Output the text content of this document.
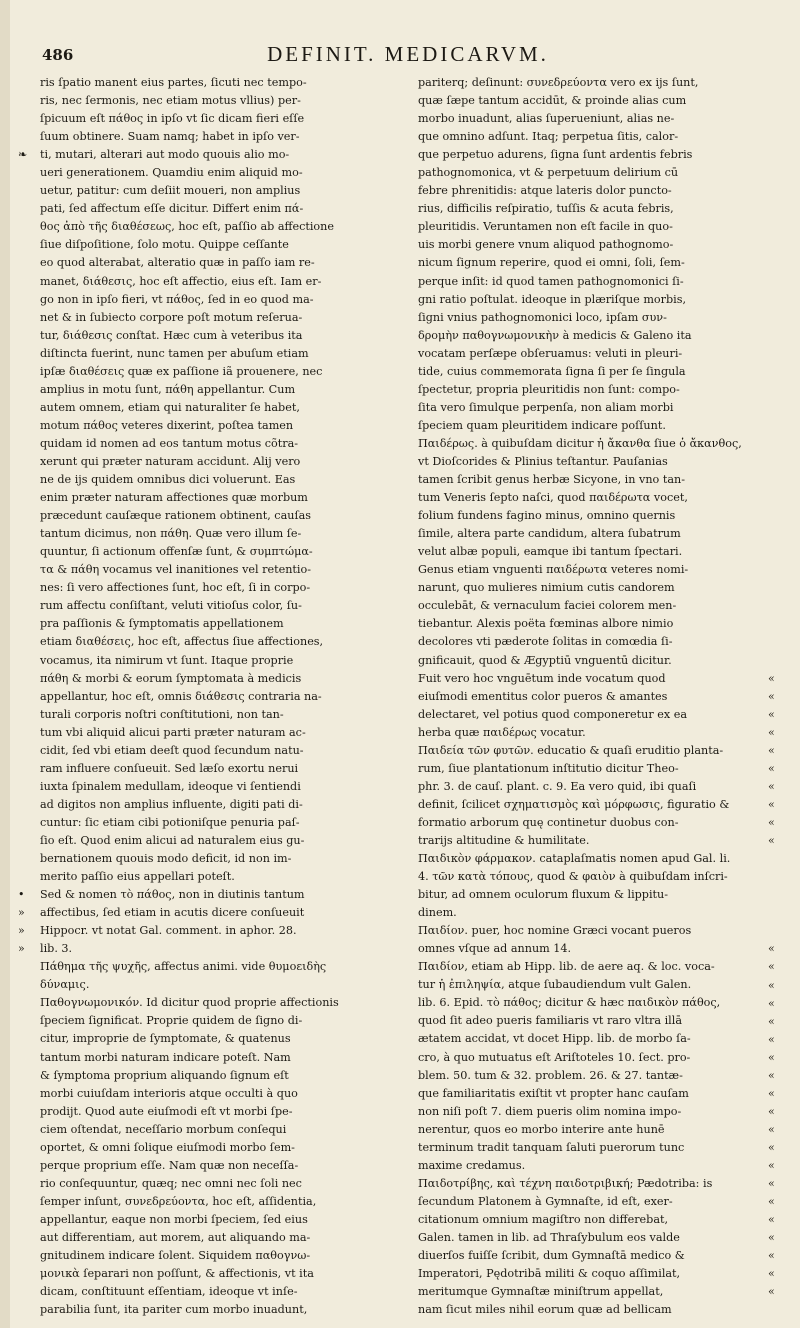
486	DEFINIT. MEDICARVM.
❧
•
»
»
»
ris ſpatio manent eius partes, ſicuti nec tempo-
ris, nec ſermonis, nec etiam motus vllius) per-
ſpicuum eſt πάθος in ipſo vt ſic dicam fieri eſſe
ſuum obtinere. Suam namq; habet in ipſo ver-
ti, mutari, alterari aut modo quouis alio mo-
ueri generationem. Quamdiu enim aliquid mo-
uetur, patitur: cum deſiit moueri, non amplius
pati, ſed affectum eſſe dicitur. Differt enim πά-
θος ἀπὸ τῆς διαθέσεως, hoc eſt, paſſio ab affectione
ſiue diſpoſitione, ſolo motu. Quippe ceſſante
eo quod alterabat, alteratio quæ in paſſo iam re-
manet, διάθεσις, hoc eſt affectio, eius eſt. Iam er-
go non in ipſo fieri, vt πάθος, ſed in eo quod ma-
net & in ſubiecto corpore poſt motum reſerua-
tur, διάθεσις conſtat. Hæc cum à veteribus ita
diſtincta fuerint, nunc tamen per abuſum etiam
ipſæ διαθέσεις quæ ex paſſione iã prouenere, nec
amplius in motu ſunt, πάθη appellantur. Cum
autem omnem, etiam qui naturaliter ſe habet,
motum πάθος veteres dixerint, poſtea tamen
quidam id nomen ad eos tantum motus cõtra-
xerunt qui præter naturam accidunt. Alij vero
ne de ijs quidem omnibus dici voluerunt. Eas
enim præter naturam affectiones quæ morbum
præcedunt cauſæque rationem obtinent, cauſas
tantum dicimus, non πάθη. Quæ vero illum ſe-
quuntur, ſi actionum offenſæ ſunt, & συμπτώμα-
τα & πάθη vocamus vel inanitiones vel retentio-
nes: ſi vero affectiones ſunt, hoc eſt, ſi in corpo-
rum affectu conſiſtant, veluti vitioſus color, ſu-
pra paſſionis & ſymptomatis appellationem
etiam διαθέσεις, hoc eſt, affectus ſiue affectiones,
vocamus, ita nimirum vt ſunt. Itaque proprie
πάθη & morbi & eorum ſymptomata à medicis
appellantur, hoc eſt, omnis διάθεσις contraria na-
turali corporis noſtri conſtitutioni, non tan-
tum vbi aliquid alicui parti præter naturam ac-
cidit, ſed vbi etiam deeſt quod ſecundum natu-
ram influere conſueuit. Sed læſo exortu nerui
iuxta ſpinalem medullam, ideoque vi ſentiendi
ad digitos non amplius influente, digiti pati di-
cuntur: ſic etiam cibi potioniſque penuria paſ-
ſio eſt. Quod enim alicui ad naturalem eius gu-
bernationem quouis modo deficit, id non im-
merito paſſio eius appellari poteſt.
Sed & nomen τὸ πάθος, non in diutinis tantum
affectibus, ſed etiam in acutis dicere conſueuit
Hippocr. vt notat Gal. comment. in aphor. 28.
lib. 3.
Πάθημα τῆς ψυχῆς, affectus animi. vide θυμοειδὴς
δύναμις.
Παθογνωμονικόν. Id dicitur quod proprie affectionis
ſpeciem ſignificat. Proprie quidem de ſigno di-
citur, improprie de ſymptomate, & quatenus
tantum morbi naturam indicare poteſt. Nam
& ſymptoma proprium aliquando ſignum eſt
morbi cuiuſdam interioris atque occulti à quo
prodijt. Quod aute eiuſmodi eſt vt morbi ſpe-
ciem oſtendat, neceſſario morbum conſequi
oportet, & omni ſolique eiuſmodi morbo ſem-
perque proprium eſſe. Nam quæ non neceſſa-
rio conſequuntur, quæq; nec omni nec ſoli nec
ſemper inſunt, συνεδρεύοντα, hoc eſt, aſſidentia,
appellantur, eaque non morbi ſpeciem, ſed eius
aut differentiam, aut morem, aut aliquando ma-
gnitudinem indicare ſolent. Siquidem παθογνω-
μονικὰ ſeparari non poſſunt, & affectionis, vt ita
dicam, conſtituunt eſſentiam, ideoque vt inſe-
parabilia ſunt, ita pariter cum morbo inuadunt,
pariterq; deſinunt: συνεδρεύοντα vero ex ijs ſunt,
quæ ſæpe tantum accidūt, & proinde alias cum
morbo inuadunt, alias ſuperueniunt, alias ne-
que omnino adſunt. Itaq; perpetua ſitis, calor-
que perpetuo adurens, ſigna ſunt ardentis febris
pathognomonica, vt & perpetuum delirium cū
febre phrenitidis: atque lateris dolor puncto-
rius, difficilis reſpiratio, tuſſis & acuta febris,
pleuritidis. Veruntamen non eſt facile in quo-
uis morbi genere vnum aliquod pathognomo-
nicum ſignum reperire, quod ei omni, ſoli, ſem-
perque inſit: id quod tamen pathognomonici ſi-
gni ratio poſtulat. ideoque in plæriſque morbis,
ſigni vnius pathognomonici loco, ipſam συν-
δρομὴν παθογνωμονικὴν à medicis & Galeno ita
vocatam perſæpe obſeruamus: veluti in pleuri-
tide, cuius commemorata ſigna ſi per ſe ſingula
ſpectetur, propria pleuritidis non ſunt: compo-
ſita vero ſimulque perpenſa, non aliam morbi
ſpeciem quam pleuritidem indicare poſſunt.
Παιδέρως. à quibuſdam dicitur ἡ ἄκανθα ſiue ὁ ἄκανθος,
vt Dioſcorides & Plinius teſtantur. Pauſanias
tamen ſcribit genus herbæ Sicyone, in vno tan-
tum Veneris ſepto naſci, quod παιδέρωτα vocet,
folium fundens fagino minus, omnino quernis
ſimile, altera parte candidum, altera ſubatrum
velut albæ populi, eamque ibi tantum ſpectari.
Genus etiam vnguenti παιδέρωτα veteres nomi-
narunt, quo mulieres nimium cutis candorem
occulebāt, & vernaculum faciei colorem men-
tiebantur. Alexis poëta fœminas albore nimio
decolores vti pæderote ſolitas in comœdia ſi-
gnificauit, quod & Ægyptiū vnguentū dicitur.
Fuit vero hoc vnguētum inde vocatum quod
eiuſmodi ementitus color pueros & amantes
delectaret, vel potius quod componeretur ex ea
herba quæ παιδέρως vocatur.
Παιδεία τῶν φυτῶν. educatio & quaſi eruditio planta-
rum, ſiue plantationum inſtitutio dicitur Theo-
phr. 3. de cauſ. plant. c. 9. Ea vero quid, ibi quaſi
definit, ſcilicet σχηματισμὸς καὶ μόρφωσις, figuratio &
formatio arborum quę continetur duobus con-
trarijs altitudine & humilitate.
Παιδικὸν φάρμακον. cataplaſmatis nomen apud Gal. li.
4. τῶν κατὰ τόπους, quod & φαιὸν à quibuſdam inſcri-
bitur, ad omnem oculorum fluxum & lippitu-
dinem.
Παιδίον. puer, hoc nomine Græci vocant pueros
omnes vſque ad annum 14.
Παιδίον, etiam ab Hipp. lib. de aere aq. & loc. voca-
tur ἡ ἐπιληψία, atque ſubaudiendum vult Galen.
lib. 6. Epid. τὸ πάθος; dicitur & hæc παιδικὸν πάθος,
quod ſit adeo pueris familiaris vt raro vltra illā
ætatem accidat, vt docet Hipp. lib. de morbo ſa-
cro, à quo mutuatus eſt Ariſtoteles 10. ſect. pro-
blem. 50. tum & 32. problem. 26. & 27. tantæ-
que familiaritatis exiſtit vt propter hanc cauſam
non niſi poſt 7. diem pueris olim nomina impo-
nerentur, quos eo morbo interire ante hunē
terminum tradit tanquam ſaluti puerorum tunc
maxime credamus.
Παιδοτρίβης, καὶ τέχνη παιδοτριβική; Pædotriba: is
ſecundum Platonem à Gymnaſte, id eſt, exer-
citationum omnium magiſtro non differebat,
Galen. tamen in lib. ad Thraſybulum eos valde
diuerſos fuiſſe ſcribit, dum Gymnaſtā medico &
Imperatori, Pędotribā militi & coquo aſſimilat,
meritumque Gymnaſtæ miniſtrum appellat,
nam ſicut miles nihil eorum quæ ad bellicam
«
«
«
«
«
«
«
«
«
«
«
«
«
«
«
«
«
«
«
«
«
«
«
«
«
«
«
«
«
«
